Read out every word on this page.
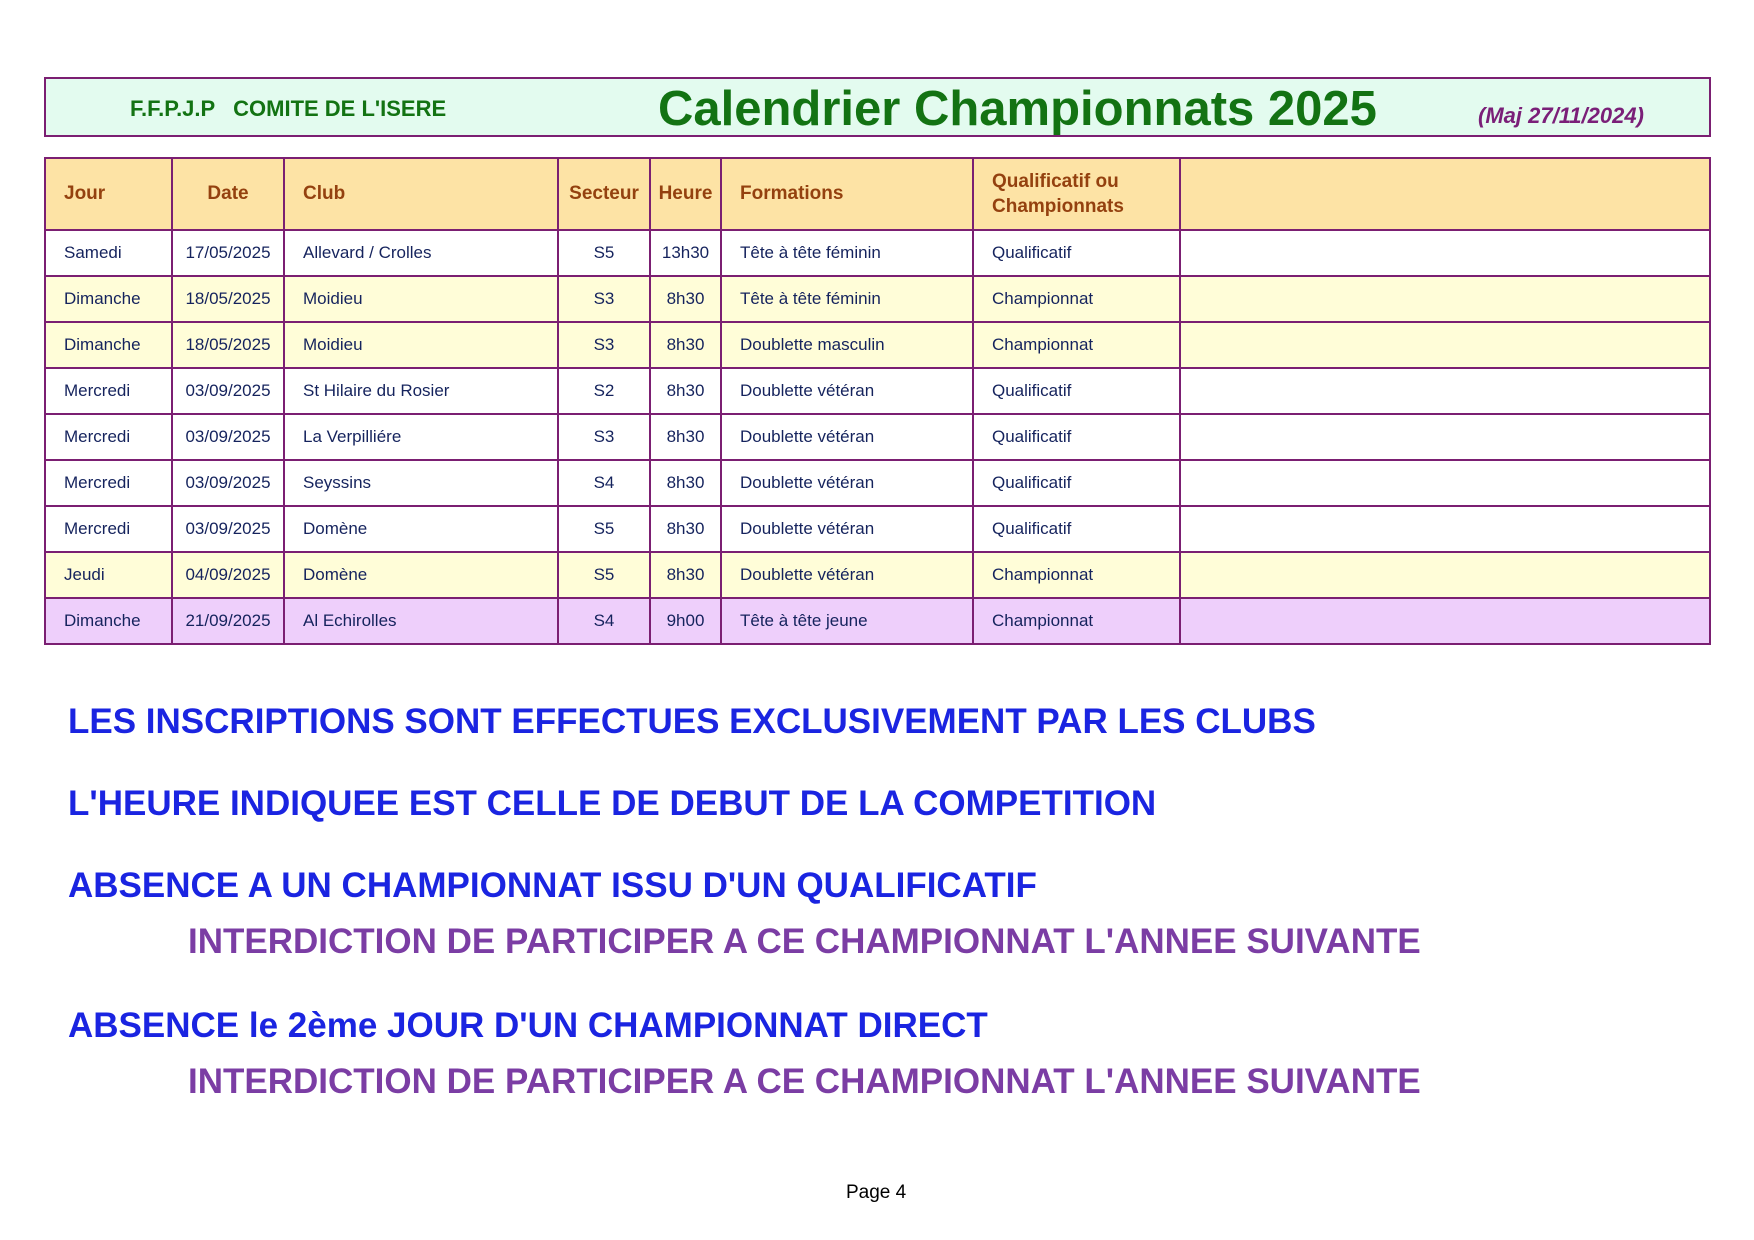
F.F.P.J.P   COMITE DE L'ISERE	Calendrier Championnats 2025	(Maj 27/11/2024)
Jour	Date	Club	Secteur	Heure	Formations	Qualificatif ou Championnats	
Samedi	17/05/2025	Allevard / Crolles	S5	13h30	Tête à tête féminin	Qualificatif	
Dimanche	18/05/2025	Moidieu	S3	8h30	Tête à tête féminin	Championnat	
Dimanche	18/05/2025	Moidieu	S3	8h30	Doublette masculin	Championnat	
Mercredi	03/09/2025	St Hilaire du Rosier	S2	8h30	Doublette vétéran	Qualificatif	
Mercredi	03/09/2025	La Verpilliére	S3	8h30	Doublette vétéran	Qualificatif	
Mercredi	03/09/2025	Seyssins	S4	8h30	Doublette vétéran	Qualificatif	
Mercredi	03/09/2025	Domène	S5	8h30	Doublette vétéran	Qualificatif	
Jeudi	04/09/2025	Domène	S5	8h30	Doublette vétéran	Championnat	
Dimanche	21/09/2025	Al Echirolles	S4	9h00	Tête à tête jeune	Championnat	
LES INSCRIPTIONS SONT EFFECTUES EXCLUSIVEMENT PAR LES CLUBS
L'HEURE INDIQUEE EST CELLE DE DEBUT DE LA COMPETITION
ABSENCE A UN CHAMPIONNAT ISSU D'UN QUALIFICATIF
INTERDICTION DE PARTICIPER A CE CHAMPIONNAT L'ANNEE SUIVANTE
ABSENCE le 2ème JOUR D'UN CHAMPIONNAT DIRECT
INTERDICTION DE PARTICIPER A CE CHAMPIONNAT L'ANNEE SUIVANTE
Page 4
